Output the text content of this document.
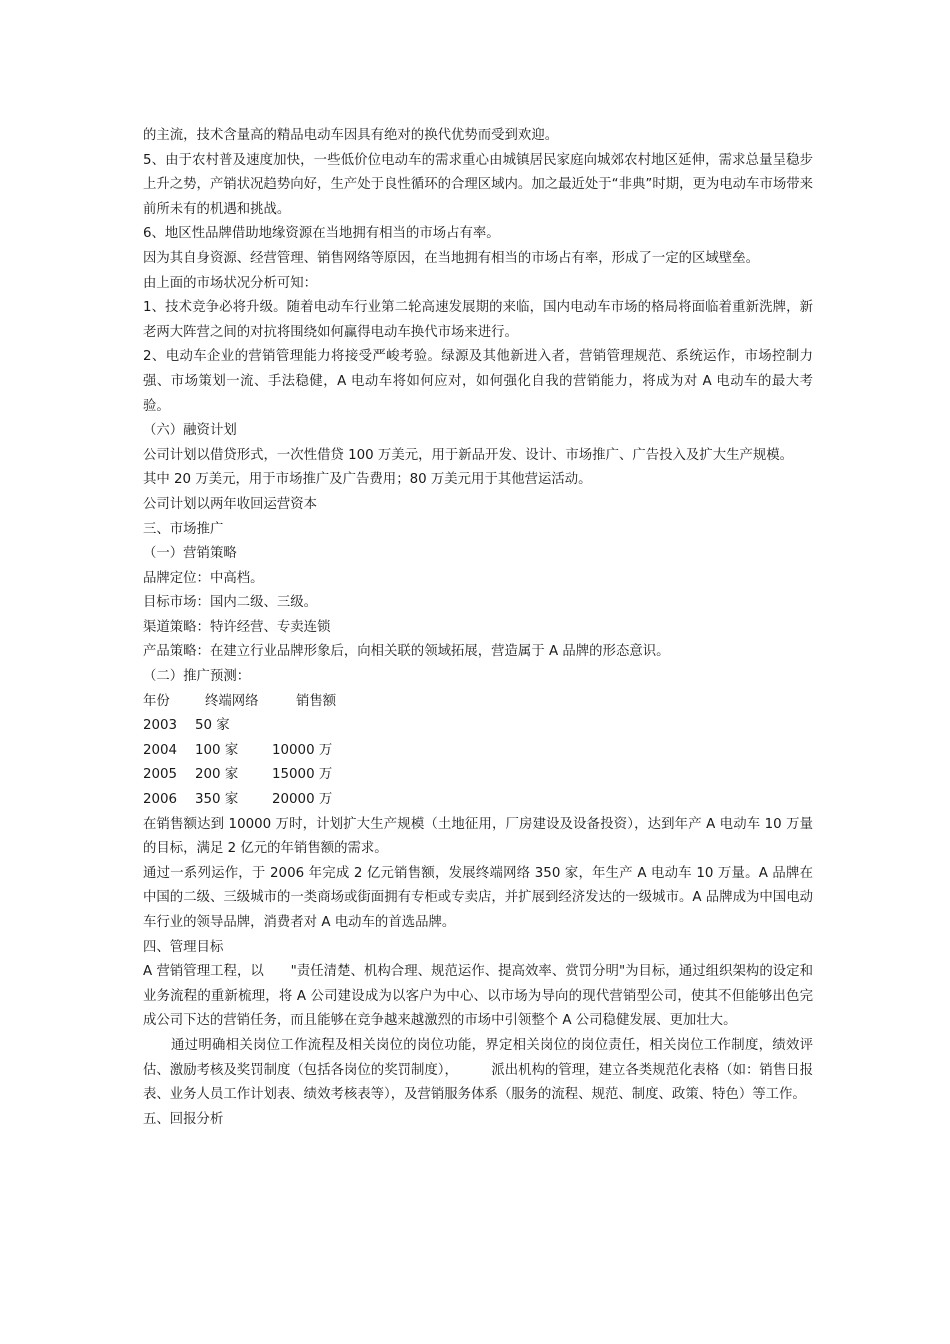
的主流，技术含量高的精品电动车因具有绝对的换代优势而受到欢迎。

5、由于农村普及速度加快，一些低价位电动车的需求重心由城镇居民家庭向城郊农村地区延伸，需求总量呈稳步上升之势，产销状况趋势向好，生产处于良性循环的合理区域内。加之最近处于“非典”时期，更为电动车市场带来前所未有的机遇和挑战。

6、地区性品牌借助地缘资源在当地拥有相当的市场占有率。

因为其自身资源、经营管理、销售网络等原因，在当地拥有相当的市场占有率，形成了一定的区域壁垒。

由上面的市场状况分析可知：

1、技术竞争必将升级。随着电动车行业第二轮高速发展期的来临，国内电动车市场的格局将面临着重新洗牌，新老两大阵营之间的对抗将围绕如何赢得电动车换代市场来进行。

2、电动车企业的营销管理能力将接受严峻考验。绿源及其他新进入者，营销管理规范、系统运作，市场控制力强、市场策划一流、手法稳健，A 电动车将如何应对，如何强化自我的营销能力，将成为对 A 电动车的最大考验。

（六）融资计划

公司计划以借贷形式，一次性借贷 100 万美元，用于新品开发、设计、市场推广、广告投入及扩大生产规模。

其中 20 万美元，用于市场推广及广告费用；80 万美元用于其他营运活动。

公司计划以两年收回运营资本

三、市场推广

（一）营销策略

品牌定位：中高档。

目标市场：国内二级、三级。

渠道策略：特许经营、专卖连锁

产品策略：在建立行业品牌形象后，向相关联的领域拓展，营造属于 A 品牌的形态意识。

（二）推广预测：

年份	终端网络	销售额
2003	50 家
2004	100 家	10000 万
2005	200 家	15000 万
2006	350 家	20000 万

在销售额达到 10000 万时，计划扩大生产规模（土地征用，厂房建设及设备投资），达到年产 A 电动车 10 万量的目标，满足 2 亿元的年销售额的需求。

通过一系列运作，于 2006 年完成 2 亿元销售额，发展终端网络 350 家，年生产 A 电动车 10 万量。A 品牌在中国的二级、三级城市的一类商场或街面拥有专柜或专卖店，并扩展到经济发达的一级城市。A 品牌成为中国电动车行业的领导品牌，消费者对 A 电动车的首选品牌。

四、管理目标

A 营销管理工程，以　　"责任清楚、机构合理、规范运作、提高效率、赏罚分明"为目标，通过组织架构的设定和业务流程的重新梳理，将 A 公司建设成为以客户为中心、以市场为导向的现代营销型公司，使其不但能够出色完成公司下达的营销任务，而且能够在竞争越来越激烈的市场中引领整个 A 公司稳健发展、更加壮大。

通过明确相关岗位工作流程及相关岗位的岗位功能，界定相关岗位的岗位责任，相关岗位工作制度，绩效评估、激励考核及奖罚制度（包括各岗位的奖罚制度），　　　派出机构的管理，建立各类规范化表格（如：销售日报表、业务人员工作计划表、绩效考核表等），及营销服务体系（服务的流程、规范、制度、政策、特色）等工作。

五、回报分析
